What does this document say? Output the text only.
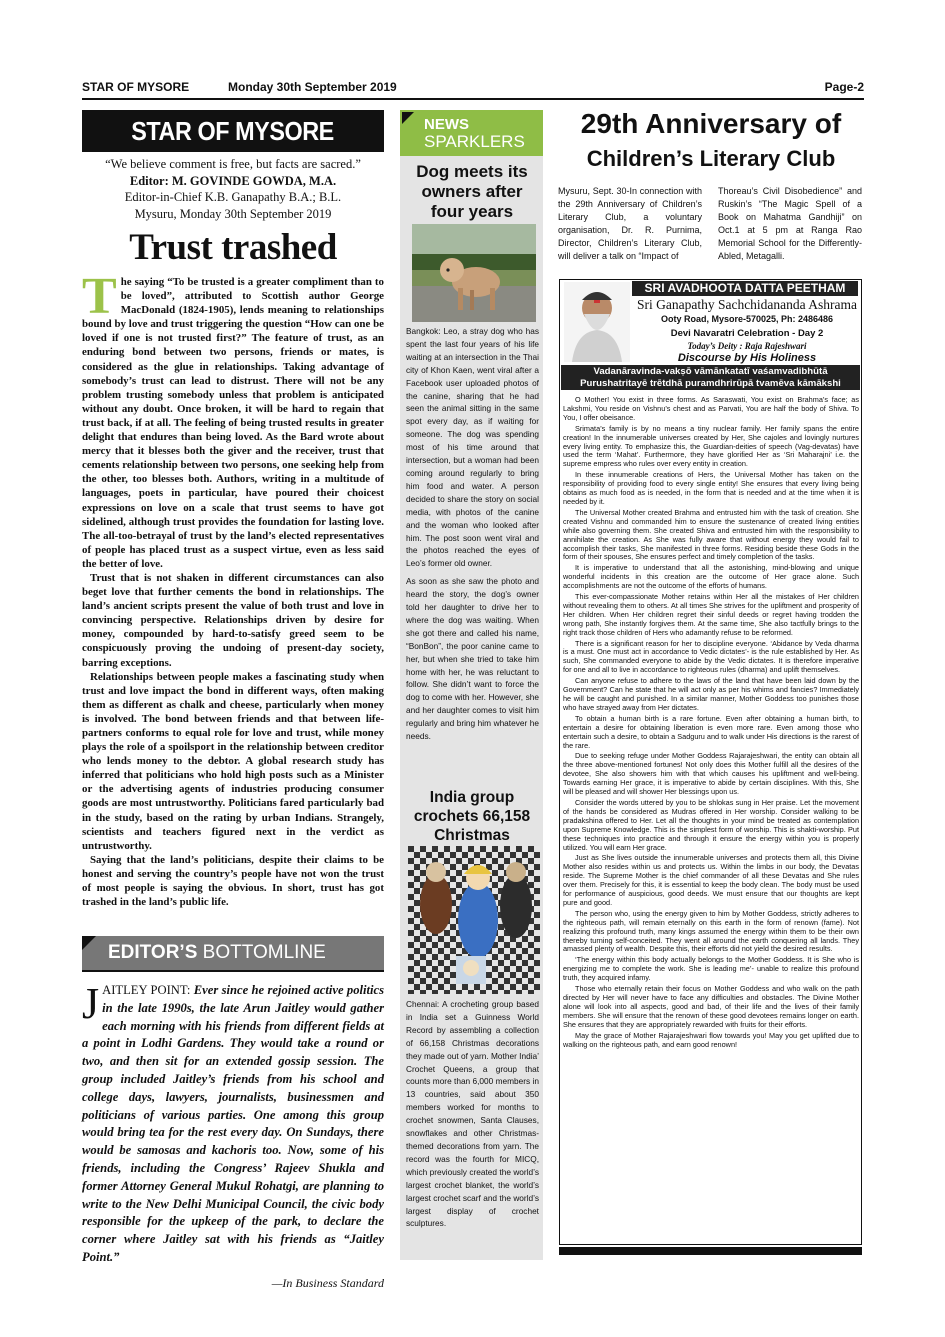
STAR OF MYSORE	Monday 30th September 2019	Page-2
STAR OF MYSORE
“We believe comment is free, but facts are sacred.”
Editor: M. GOVINDE GOWDA, M.A.
Editor-in-Chief K.B. Ganapathy B.A.; B.L.
Mysuru, Monday 30th September 2019
Trust trashed

The saying “To be trusted is a greater compliment than to be loved”, attributed to Scottish author George MacDonald (1824-1905), lends meaning to relationships bound by love and trust triggering the question “How can one be loved if one is not trusted first?” The feature of trust, as an enduring bond between two persons, friends or mates, is considered as the glue in relationships. Taking advantage of somebody’s trust can lead to distrust. There will not be any problem trusting somebody unless that problem is anticipated without any doubt. Once broken, it will be hard to regain that trust back, if at all. The feeling of being trusted results in greater delight that endures than being loved. As the Bard wrote about mercy that it blesses both the giver and the receiver, trust that cements relationship between two persons, one seeking help from the other, too blesses both. Authors, writing in a multitude of languages, poets in particular, have poured their choicest expressions on love on a scale that trust seems to have got sidelined, although trust provides the foundation for lasting love. The all-too-betrayal of trust by the land’s elected representatives of people has placed trust as a suspect virtue, even as less said the better of love.

Trust that is not shaken in different circumstances can also beget love that further cements the bond in relationships. The land’s ancient scripts present the value of both trust and love in convincing perspective. Relationships driven by desire for money, compounded by hard-to-satisfy greed seem to be conspicuously proving the undoing of present-day society, barring exceptions.

Relationships between people makes a fascinating study when trust and love impact the bond in different ways, often making them as different as chalk and cheese, particularly when money is involved. The bond between friends and that between life-partners conforms to equal role for love and trust, while money plays the role of a spoilsport in the relationship between creditor who lends money to the debtor. A global research study has inferred that politicians who hold high posts such as a Minister or the advertising agents of industries producing consumer goods are most untrustworthy. Politicians fared particularly bad in the study, based on the rating by urban Indians. Strangely, scientists and teachers figured next in the verdict as untrustworthy.

Saying that the land’s politicians, despite their claims to be honest and serving the country’s people have not won the trust of most people is saying the obvious. In short, trust has got trashed in the land’s public life.

EDITOR’S BOTTOMLINE
JAITLEY POINT: Ever since he rejoined active politics in the late 1990s, the late Arun Jaitley would gather each morning with his friends from different fields at a point in Lodhi Gardens. They would take a round or two, and then sit for an extended gossip session. The group included Jaitley’s friends from his school and college days, lawyers, journalists, businessmen and politicians of various parties. One among this group would bring tea for the rest every day. On Sundays, there would be samosas and kachoris too. Now, some of his friends, including the Congress’ Rajeev Shukla and former Attorney General Mukul Rohatgi, are planning to write to the New Delhi Municipal Council, the civic body responsible for the upkeep of the park, to declare the corner where Jaitley sat with his friends as “Jaitley Point.”
—In Business Standard
NEWS
SPARKLERS
Dog meets its owners after four years

Bangkok: Leo, a stray dog who has spent the last four years of his life waiting at an intersection in the Thai city of Khon Kaen, went viral after a Facebook user uploaded photos of the canine, sharing that he had seen the animal sitting in the same spot every day, as if waiting for someone. The dog was spending most of his time around that intersection, but a woman had been coming around regularly to bring him food and water. A person decided to share the story on social media, with photos of the canine and the woman who looked after him. The post soon went viral and the photos reached the eyes of Leo’s former old owner.

As soon as she saw the photo and heard the story, the dog’s owner told her daughter to drive her to where the dog was waiting. When she got there and called his name, “BonBon”, the poor canine came to her, but when she tried to take him home with her, he was reluctant to follow. She didn’t want to force the dog to come with her. However, she and her daughter comes to visit him regularly and bring him whatever he needs.

India group crochets 66,158 Christmas

Chennai: A crocheting group based in India set a Guinness World Record by assembling a collection of 66,158 Christmas decorations they made out of yarn. Mother India’ Crochet Queens, a group that counts more than 6,000 members in 13 countries, said about 350 members worked for months to crochet snowmen, Santa Clauses, snowflakes and other Christmas-themed decorations from yarn. The record was the fourth for MICQ, which previously created the world’s largest crochet blanket, the world’s largest crochet scarf and the world’s largest display of crochet sculptures.

29th Anniversary of
Children’s Literary Club
Mysuru, Sept. 30-In connection with the 29th Anniversary of Children’s Literary Club, a voluntary organisation, Dr. R. Purnima, Director, Children’s Literary Club, will deliver a talk on “Impact of
Thoreau’s Civil Disobedience” and Ruskin’s “The Magic Spell of a Book on Mahatma Gandhiji” on Oct.1 at 5 pm at Ranga Rao Memorial School for the Differently-Abled, Metagalli.
SRI AVADHOOTA DATTA PEETHAM
Sri Ganapathy Sachchidananda Ashrama
Ooty Road, Mysore-570025, Ph: 2486486
Devi Navaratri Celebration - Day 2
Today’s Deity : Raja Rajeshwari
Discourse by His Holiness
Vadanāravinda-vakṣō vāmānkatatī vaśamvadibhūtā
Purushatritayē trētdhā puramdhrirūpā tvamēva kāmākshi

O Mother! You exist in three forms. As Saraswati, You exist on Brahma’s face; as Lakshmi, You reside on Vishnu’s chest and as Parvati, You are half the body of Shiva. To You, I offer obeisance.

Srimata’s family is by no means a tiny nuclear family. Her family spans the entire creation! In the innumerable universes created by Her, She cajoles and lovingly nurtures every living entity. To emphasize this, the Guardian-deities of speech (Vag-devatas) have used the term ‘Mahat’. Furthermore, they have glorified Her as ‘Sri Maharajni’ i.e. the supreme empress who rules over every entity in creation.

In these innumerable creations of Hers, the Universal Mother has taken on the responsibility of providing food to every single entity! She ensures that every living being obtains as much food as is needed, in the form that is needed and at the time when it is needed by it.

The Universal Mother created Brahma and entrusted him with the task of creation. She created Vishnu and commanded him to ensure the sustenance of created living entities while also governing them. She created Shiva and entrusted him with the responsibility to annihilate the creation. As She was fully aware that without energy they would fail to accomplish their tasks, She manifested in three forms. Residing beside these Gods in the form of their spouses, She ensures perfect and timely completion of the tasks.

It is imperative to understand that all the astonishing, mind-blowing and unique wonderful incidents in this creation are the outcome of Her grace alone. Such accomplishments are not the outcome of the efforts of humans.

This ever-compassionate Mother retains within Her all the mistakes of Her children without revealing them to others. At all times She strives for the upliftment and prosperity of Her children. When Her children regret their sinful deeds or regret having trodden the wrong path, She instantly forgives them. At the same time, She also tactfully brings to the right track those children of Hers who adamantly refuse to be reformed.

There is a significant reason for her to discipline everyone. ‘Abidance by Veda dharma is a must. One must act in accordance to Vedic dictates’- is the rule established by Her. As such, She commanded everyone to abide by the Vedic dictates. It is therefore imperative for one and all to live in accordance to righteous rules (dharma) and uplift themselves.

Can anyone refuse to adhere to the laws of the land that have been laid down by the Government? Can he state that he will act only as per his whims and fancies? Immediately he will be caught and punished. In a similar manner, Mother Goddess too punishes those who have strayed away from Her dictates.

To obtain a human birth is a rare fortune. Even after obtaining a human birth, to entertain a desire for obtaining liberation is even more rare. Even among those who entertain such a desire, to obtain a Sadguru and to walk under His directions is the rarest of the rare.

Due to seeking refuge under Mother Goddess Rajarajeshwari, the entity can obtain all the three above-mentioned fortunes! Not only does this Mother fulfill all the desires of the devotee, She also showers him with that which causes his upliftment and well-being. Towards earning Her grace, it is imperative to abide by certain disciplines. With this, She will be pleased and will shower Her blessings upon us.

Consider the words uttered by you to be shlokas sung in Her praise. Let the movement of the hands be considered as Mudras offered in Her worship. Consider walking to be pradakshina offered to Her. Let all the thoughts in your mind be treated as contemplation upon Supreme Knowledge. This is the simplest form of worship. This is shakti-worship. Put these techniques into practice and through it ensure the energy within you is properly utilized. You will earn Her grace.

Just as She lives outside the innumerable universes and protects them all, this Divine Mother also resides within us and protects us. Within the limbs in our body, the Devatas reside. The Supreme Mother is the chief commander of all these Devatas and She rules over them. Precisely for this, it is essential to keep the body clean. The body must be used for performance of auspicious, good deeds. We must ensure that our thoughts are kept pure and good.

The person who, using the energy given to him by Mother Goddess, strictly adheres to the righteous path, will remain eternally on this earth in the form of renown (fame). Not realizing this profound truth, many kings assumed the energy within them to be their own thereby turning self-conceited. They went all around the earth conquering all lands. They amassed plenty of wealth. Despite this, their efforts did not yield the desired results.

‘The energy within this body actually belongs to the Mother Goddess. It is She who is energizing me to complete the work. She is leading me’- unable to realize this profound truth, they acquired infamy.

Those who eternally retain their focus on Mother Goddess and who walk on the path directed by Her will never have to face any difficulties and obstacles. The Divine Mother alone will look into all aspects, good and bad, of their life and the lives of their family members. She will ensure that the renown of these good devotees remains longer on earth. She ensures that they are appropriately rewarded with fruits for their efforts.

May the grace of Mother Rajarajeshwari flow towards you! May you get uplifted due to walking on the righteous path, and earn good renown!
